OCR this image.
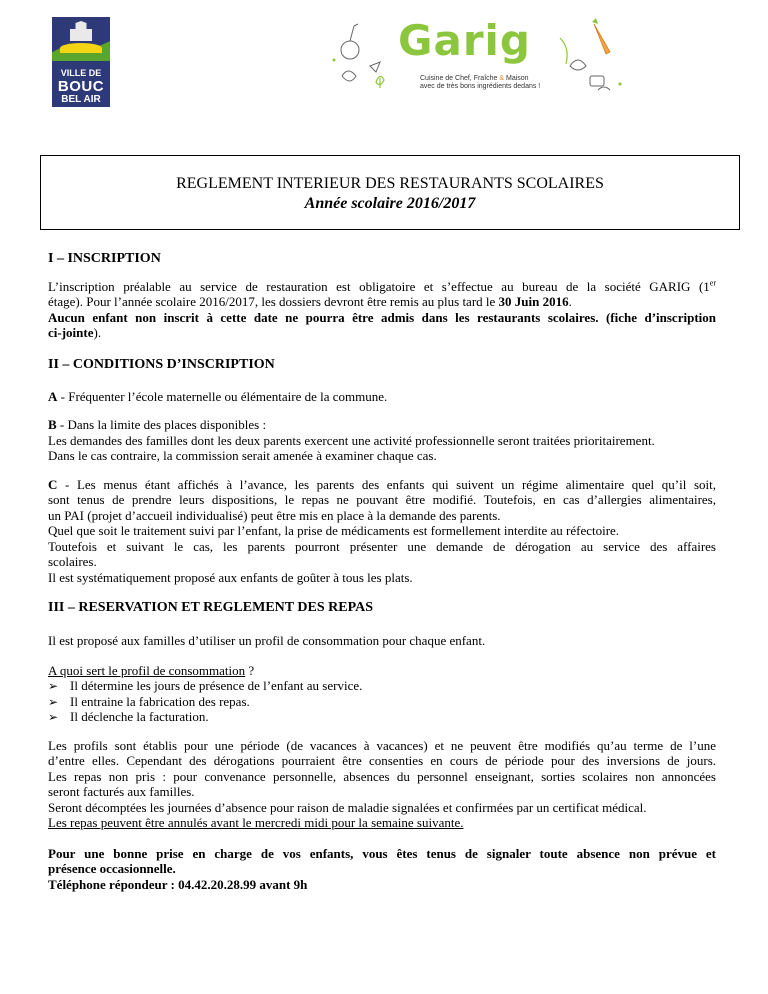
VILLE DE
BOUC
BEL AIR
Garig
Cuisine de Chef, Fraîche & Maison
avec de très bons ingrédients dedans !
REGLEMENT INTERIEUR DES RESTAURANTS SCOLAIRES
Année scolaire 2016/2017
I – INSCRIPTION
L’inscription préalable au service de restauration est obligatoire et s’effectue au bureau de la société GARIG (1er
étage). Pour l’année scolaire 2016/2017, les dossiers devront être remis au plus tard le 30 Juin 2016.
Aucun enfant non inscrit à cette date ne pourra être admis dans les restaurants scolaires. (fiche d’inscription
ci-jointe).
II – CONDITIONS D’INSCRIPTION
A - Fréquenter l’école maternelle ou élémentaire de la commune.
B - Dans la limite des places disponibles :
Les demandes des familles dont les deux parents exercent une activité professionnelle seront traitées prioritairement.
Dans le cas contraire, la commission serait amenée à examiner chaque cas.
C - Les menus étant affichés à l’avance, les parents des enfants qui suivent un régime alimentaire quel qu’il soit,
sont tenus de prendre leurs dispositions, le repas ne pouvant être modifié. Toutefois, en cas d’allergies alimentaires,
un PAI (projet d’accueil individualisé) peut être mis en place à la demande des parents.
Quel que soit le traitement suivi par l’enfant, la prise de médicaments est formellement interdite au réfectoire.
Toutefois et suivant le cas, les parents pourront présenter une demande de dérogation au service des affaires
scolaires.
Il est systématiquement proposé aux enfants de goûter à tous les plats.
III – RESERVATION ET REGLEMENT DES REPAS
Il est proposé aux familles d’utiliser un profil de consommation pour chaque enfant.
A quoi sert le profil de consommation ?
➢ Il détermine les jours de présence de l’enfant au service.
➢ Il entraine la fabrication des repas.
➢ Il déclenche la facturation.
Les profils sont établis pour une période (de vacances à vacances) et ne peuvent être modifiés qu’au terme de l’une
d’entre elles. Cependant des dérogations pourraient être consenties en cours de période pour des inversions de jours.
Les repas non pris : pour convenance personnelle, absences du personnel enseignant, sorties scolaires non annoncées
seront facturés aux familles.
Seront décomptées les journées d’absence pour raison de maladie signalées et confirmées par un certificat médical.
Les repas peuvent être annulés avant le mercredi midi pour la semaine suivante.
Pour une bonne prise en charge de vos enfants, vous êtes tenus de signaler toute absence non prévue et
présence occasionnelle.
Téléphone répondeur : 04.42.20.28.99 avant 9h
